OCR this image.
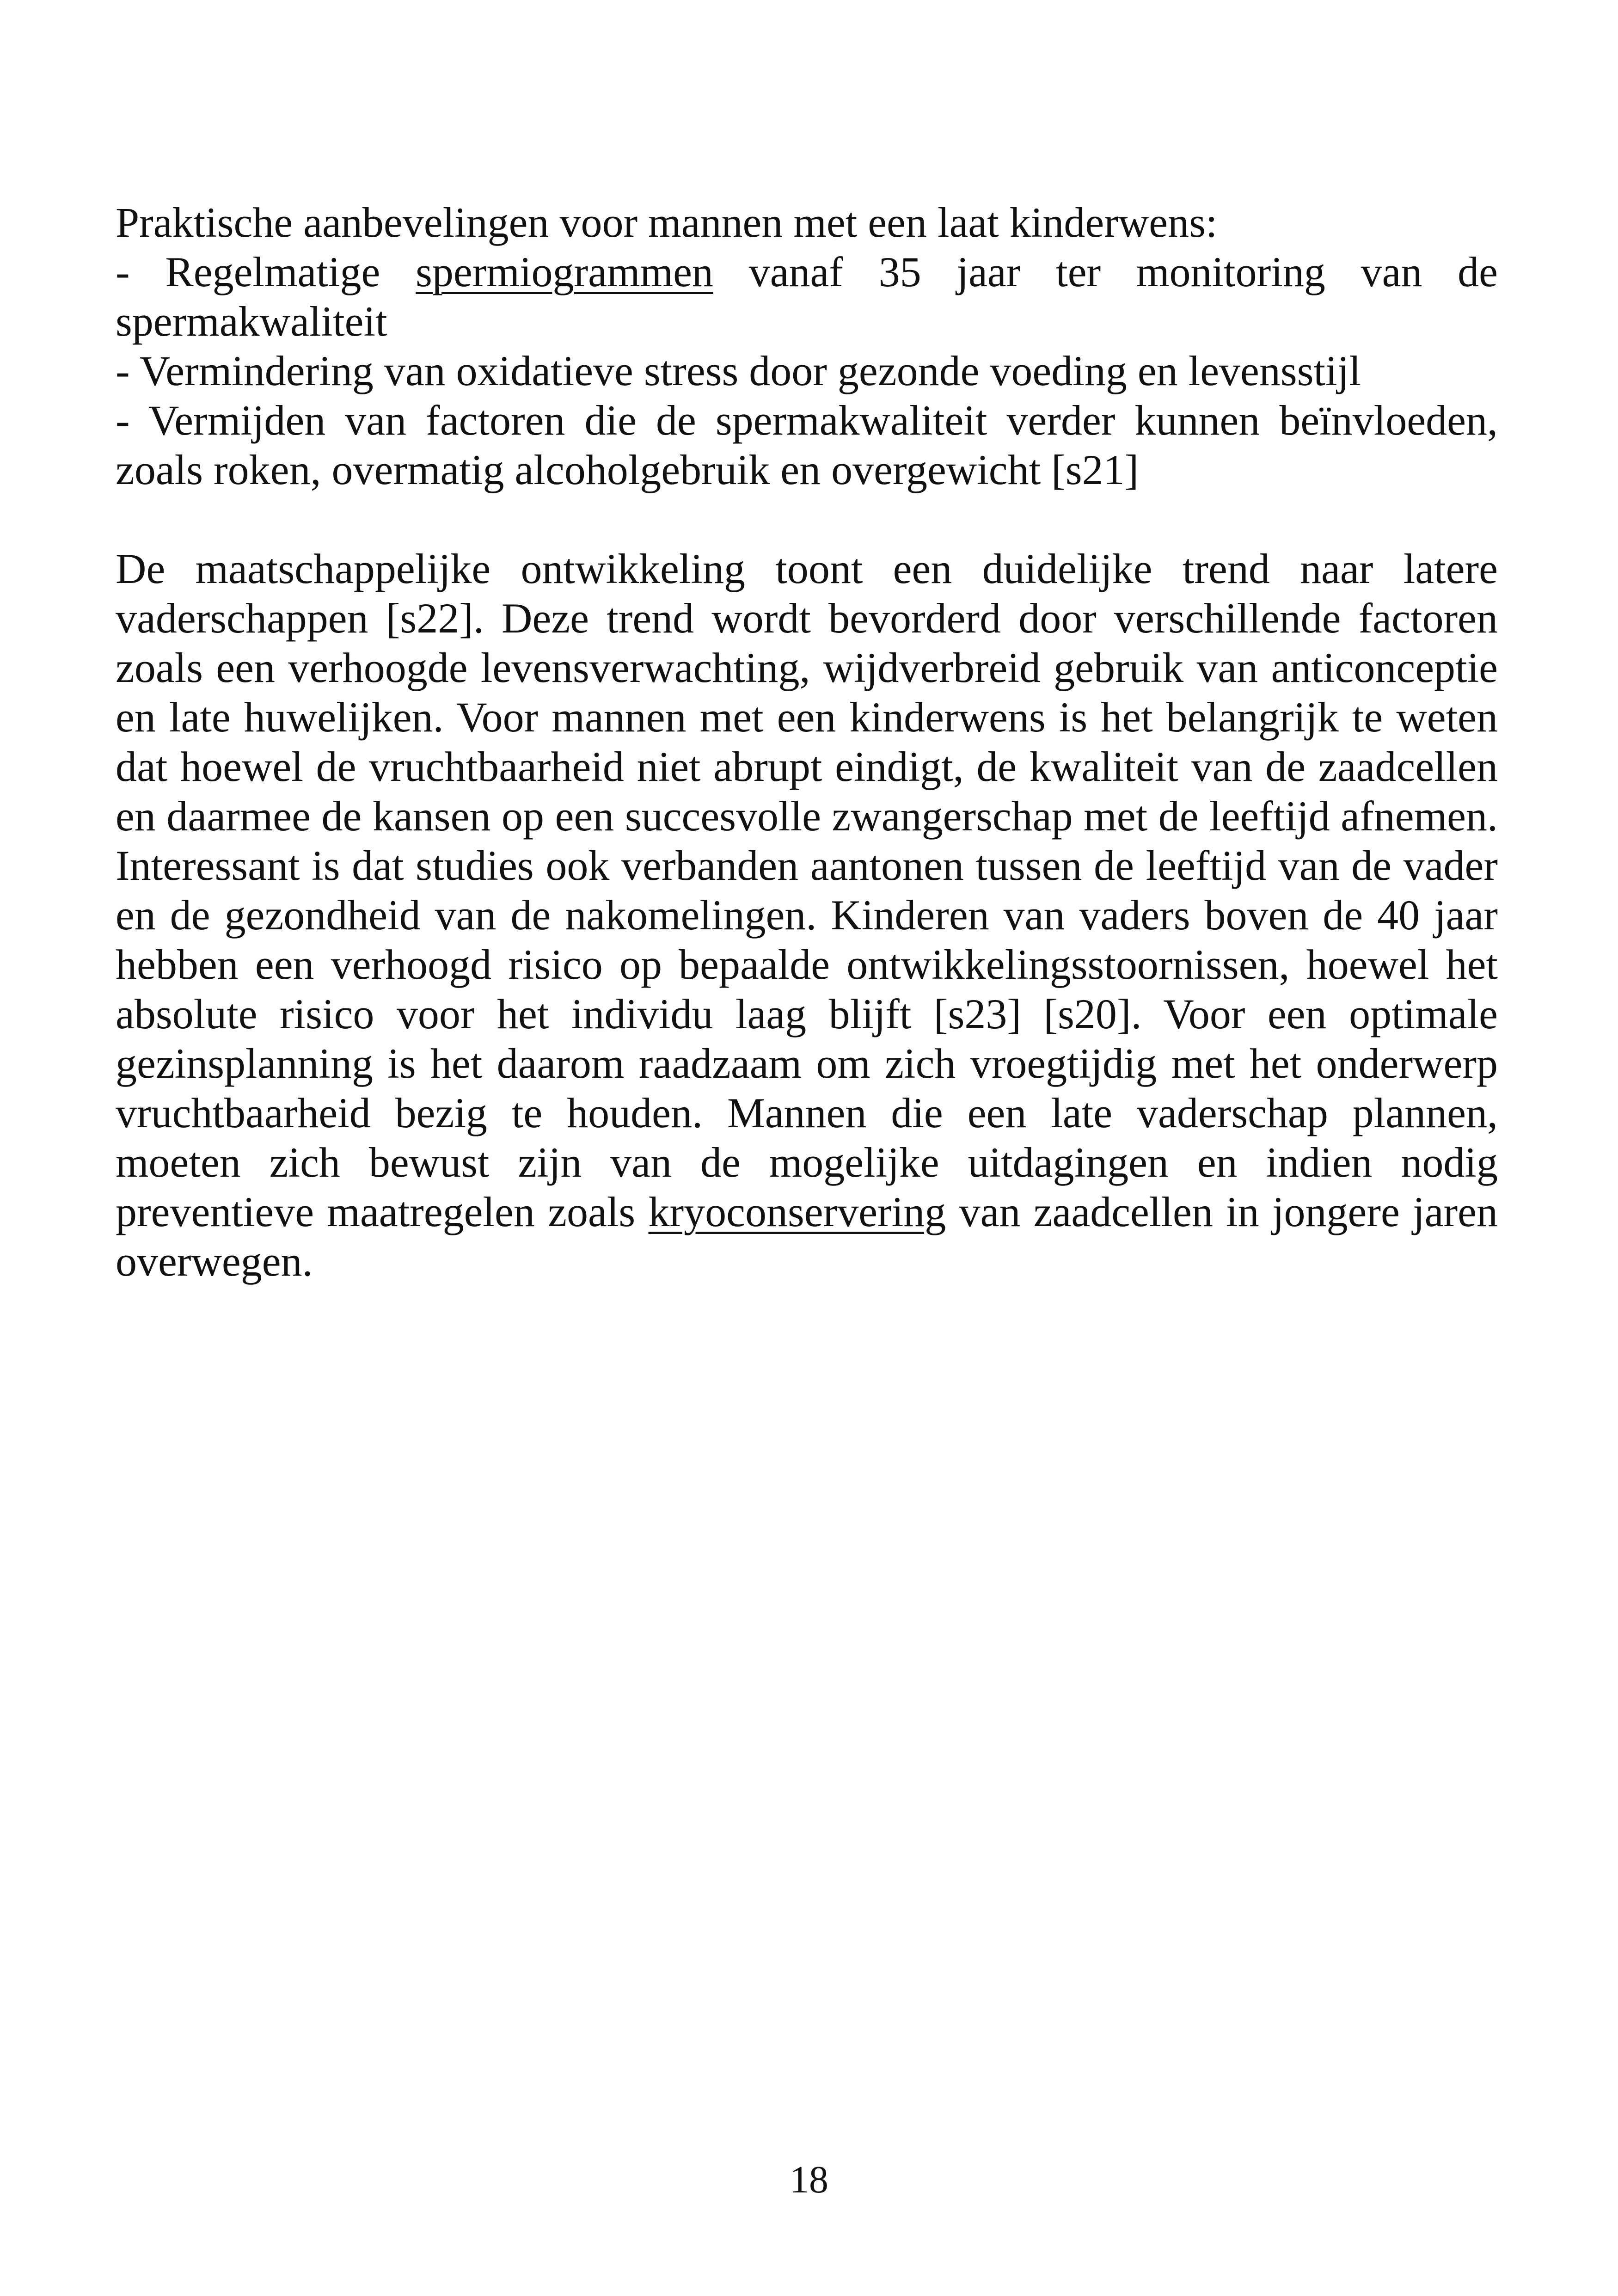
Praktische aanbevelingen voor mannen met een laat kinderwens:

- Regelmatige spermiogrammen vanaf 35 jaar ter monitoring van de spermakwaliteit

- Vermindering van oxidatieve stress door gezonde voeding en levensstijl

- Vermijden van factoren die de spermakwaliteit verder kunnen beïnvloeden, zoals roken, overmatig alcoholgebruik en overgewicht [s21]

De maatschappelijke ontwikkeling toont een duidelijke trend naar latere vaderschappen [s22]. Deze trend wordt bevorderd door verschillende factoren zoals een verhoogde levensverwachting, wijdverbreid gebruik van anticonceptie en late huwelijken. Voor mannen met een kinderwens is het belangrijk te weten dat hoewel de vruchtbaarheid niet abrupt eindigt, de kwaliteit van de zaadcellen en daarmee de kansen op een succesvolle zwangerschap met de leeftijd afnemen. Interessant is dat studies ook verbanden aantonen tussen de leeftijd van de vader en de gezondheid van de nakomelingen. Kinderen van vaders boven de 40 jaar hebben een verhoogd risico op bepaalde ontwikkelingsstoornissen, hoewel het absolute risico voor het individu laag blijft [s23] [s20]. Voor een optimale gezinsplanning is het daarom raadzaam om zich vroegtijdig met het onderwerp vruchtbaarheid bezig te houden. Mannen die een late vaderschap plannen, moeten zich bewust zijn van de mogelijke uitdagingen en indien nodig preventieve maatregelen zoals kryoconservering van zaadcellen in jongere jaren overwegen.

18
